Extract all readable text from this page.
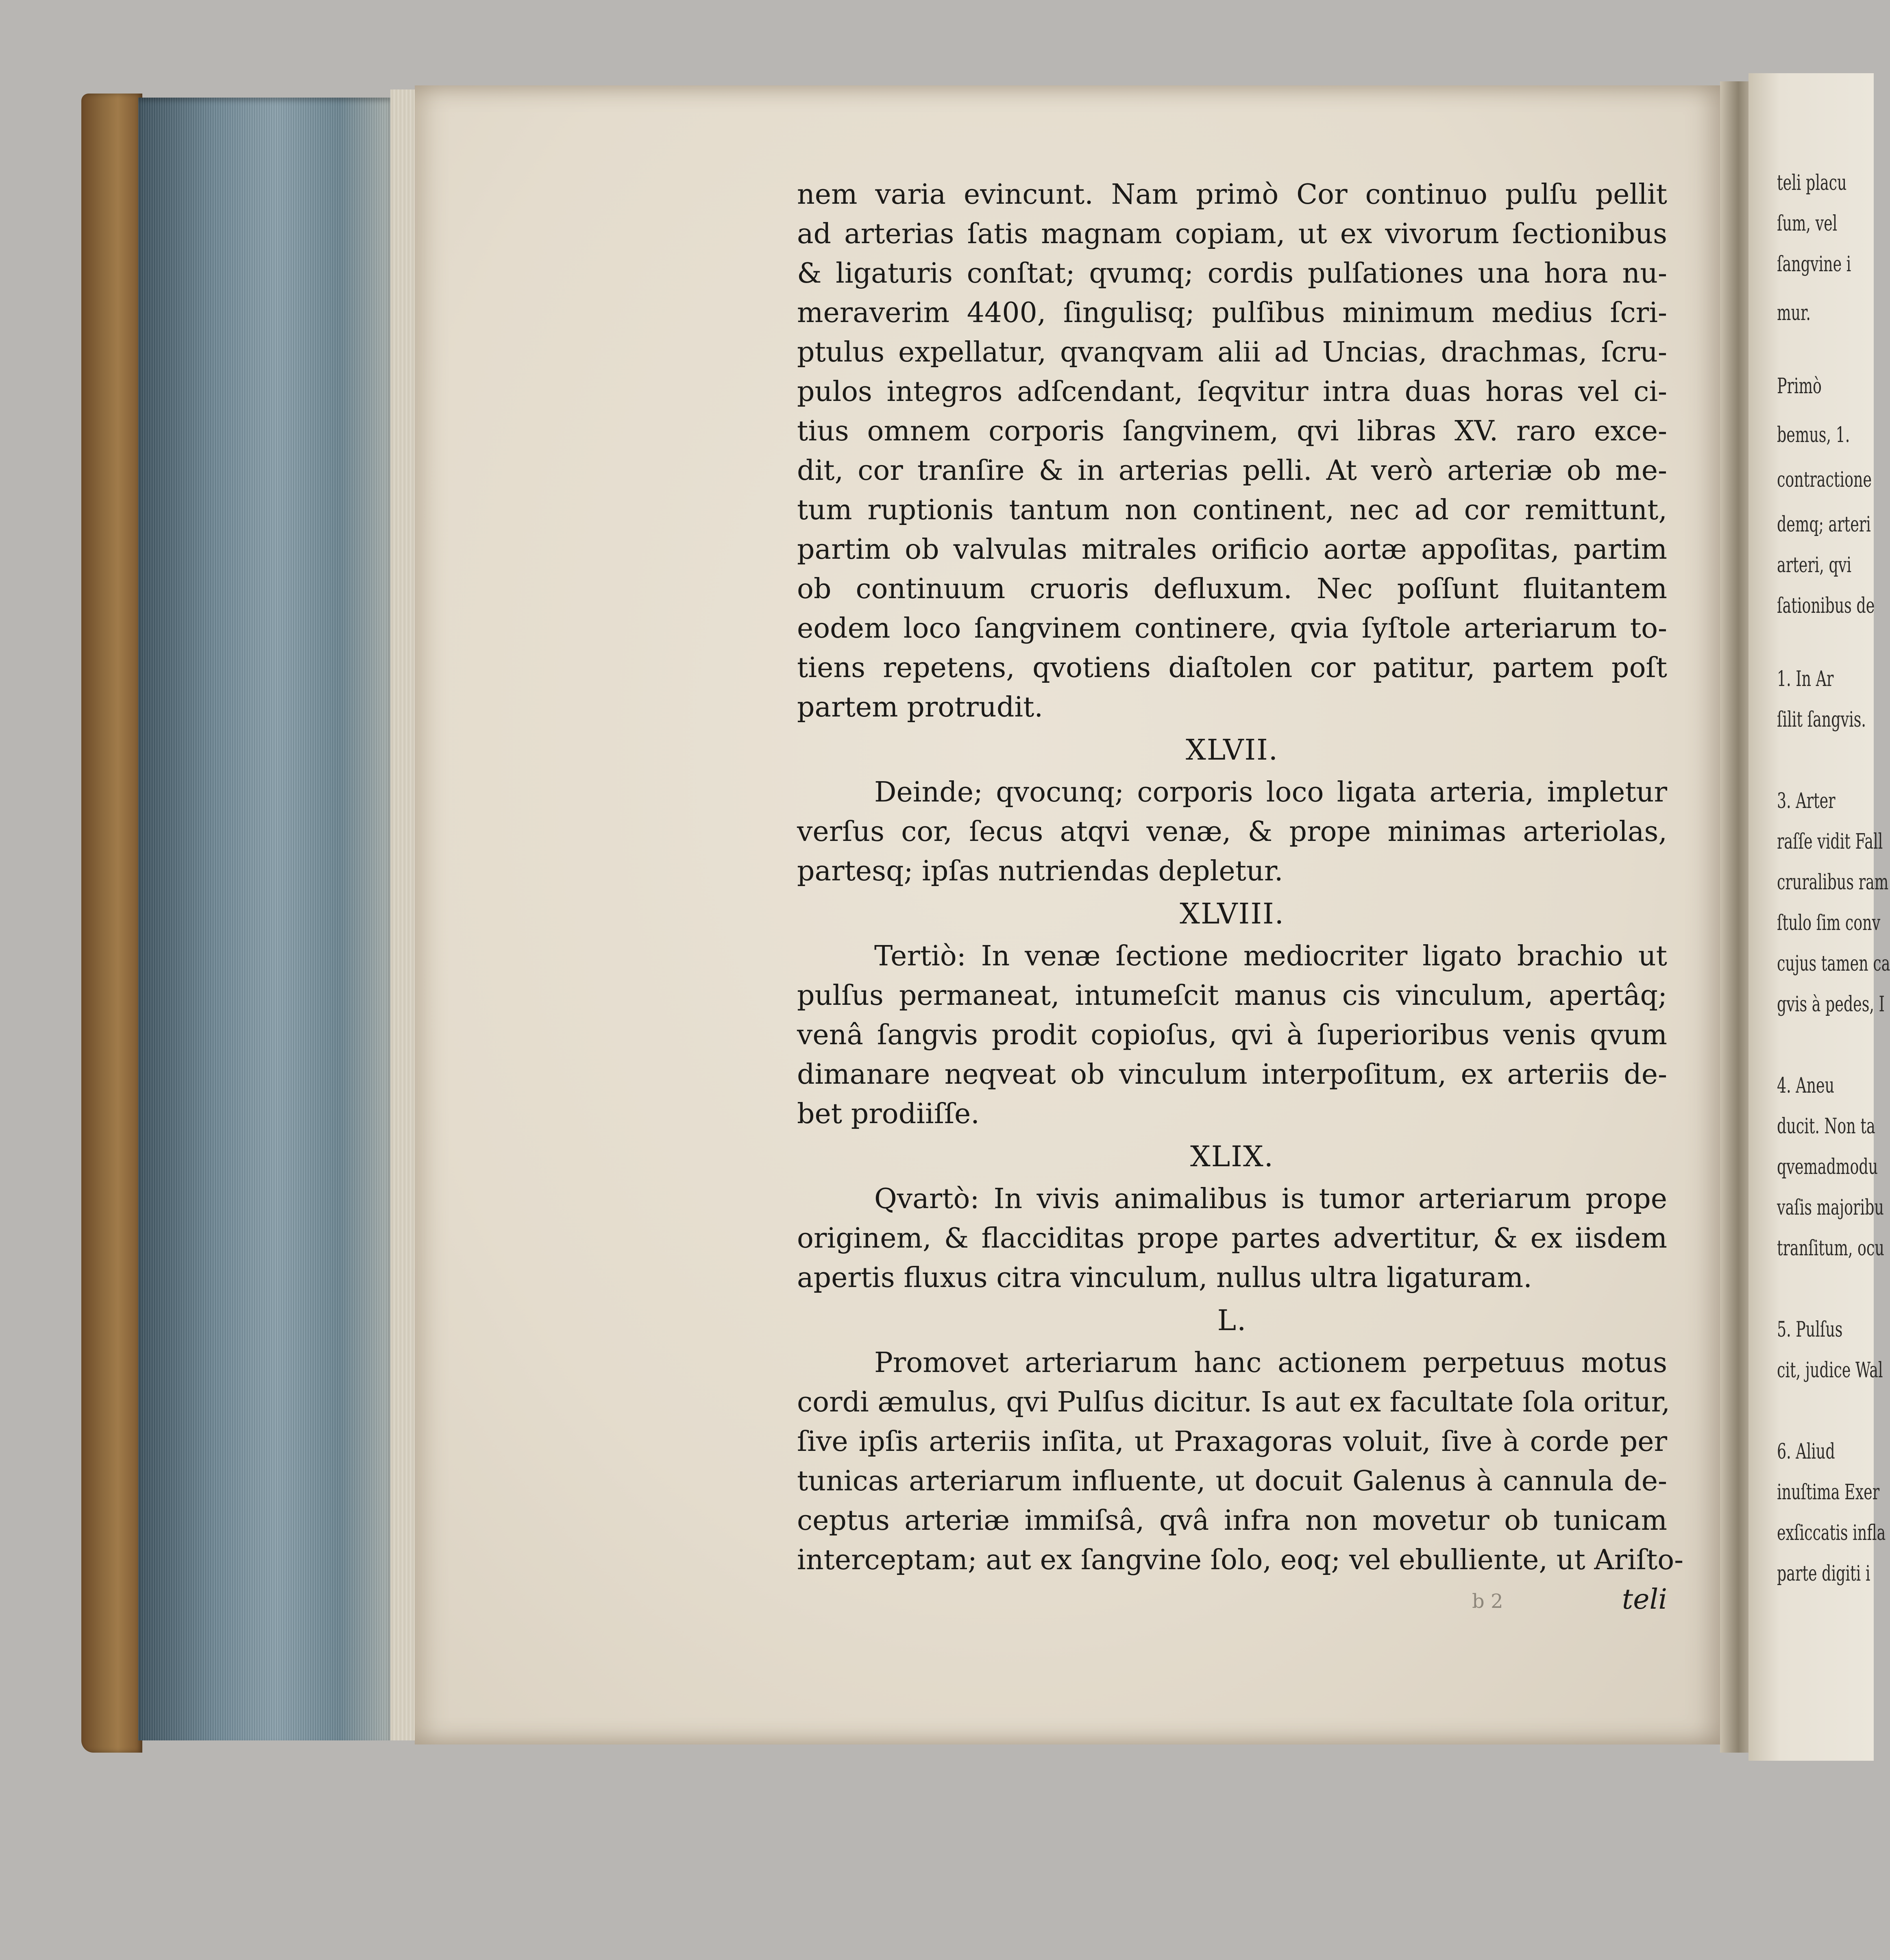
nem varia evincunt. Nam primò Cor continuo pulſu pellit
ad arterias ſatis magnam copiam, ut ex vivorum ſectionibus
& ligaturis conſtat; qvumq; cordis pulſationes una hora nu-
meraverim 4400, ſingulisq; pulſibus minimum medius ſcri-
ptulus expellatur, qvanqvam alii ad Uncias, drachmas, ſcru-
pulos integros adſcendant, ſeqvitur intra duas horas vel ci-
tius omnem corporis ſangvinem, qvi libras XV. raro exce-
dit, cor tranſire & in arterias pelli. At verò arteriæ ob me-
tum ruptionis tantum non continent, nec ad cor remittunt,
partim ob valvulas mitrales orificio aortæ appoſitas, partim
ob continuum cruoris defluxum. Nec poſſunt fluitantem
eodem loco ſangvinem continere, qvia ſyſtole arteriarum to-
tiens repetens, qvotiens diaſtolen cor patitur, partem poſt
partem protrudit.
XLVII.
Deinde; qvocunq; corporis loco ligata arteria, impletur
verſus cor, ſecus atqvi venæ, & prope minimas arteriolas,
partesq; ipſas nutriendas depletur.
XLVIII.
Tertiò: In venæ ſectione mediocriter ligato brachio ut
pulſus permaneat, intumeſcit manus cis vinculum, apertâq;
venâ ſangvis prodit copioſus, qvi à ſuperioribus venis qvum
dimanare neqveat ob vinculum interpoſitum, ex arteriis de-
bet prodiiſſe.
XLIX.
Qvartò: In vivis animalibus is tumor arteriarum prope
originem, & flacciditas prope partes advertitur, & ex iisdem
apertis fluxus citra vinculum, nullus ultra ligaturam.
L.
Promovet arteriarum hanc actionem perpetuus motus
cordi æmulus, qvi Pulſus dicitur. Is aut ex facultate ſola oritur,
ſive ipſis arteriis inſita, ut Praxagoras voluit, ſive à corde per
tunicas arteriarum influente, ut docuit Galenus à cannula de-
ceptus arteriæ immiſsâ, qvâ infra non movetur ob tunicam
interceptam; aut ex ſangvine ſolo, eoq; vel ebulliente, ut Ariſto-
teli
b 2
teli placu
ſum, vel
ſangvine i
mur.
Primò
bemus, 1.
contractione
demq; arteri
arteri, qvi
ſationibus de
1. In Ar
ſilit ſangvis.
3. Arter
raſſe vidit Fall
cruralibus ram
ſtulo ſim conv
cujus tamen ca
gvis à pedes, I
4. Aneu
ducit. Non ta
qvemadmodu
vaſis majoribu
tranſitum, ocu
5. Pulſus
cit, judice Wal
6. Aliud
inuſtima Exer
exſiccatis infla
parte digiti i
